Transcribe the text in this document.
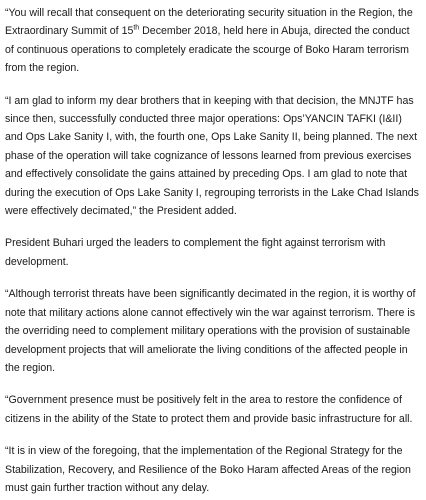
“You will recall that consequent on the deteriorating security situation in the Region, the Extraordinary Summit of 15th December 2018, held here in Abuja, directed the conduct of continuous operations to completely eradicate the scourge of Boko Haram terrorism from the region.

“I am glad to inform my dear brothers that in keeping with that decision, the MNJTF has since then, successfully conducted three major operations: Ops’YANCIN TAFKI (I&II) and Ops Lake Sanity I, with, the fourth one, Ops Lake Sanity II, being planned. The next phase of the operation will take cognizance of lessons learned from previous exercises and effectively consolidate the gains attained by preceding Ops. I am glad to note that during the execution of Ops Lake Sanity I, regrouping terrorists in the Lake Chad Islands were effectively decimated,” the President added.

President Buhari urged the leaders to complement the fight against terrorism with development.

“Although terrorist threats have been significantly decimated in the region, it is worthy of note that military actions alone cannot effectively win the war against terrorism. There is the overriding need to complement military operations with the provision of sustainable development projects that will ameliorate the living conditions of the affected people in the region.

“Government presence must be positively felt in the area to restore the confidence of citizens in the ability of the State to protect them and provide basic infrastructure for all.

“It is in view of the foregoing, that the implementation of the Regional Strategy for the Stabilization, Recovery, and Resilience of the Boko Haram affected Areas of the region must gain further traction without any delay.
